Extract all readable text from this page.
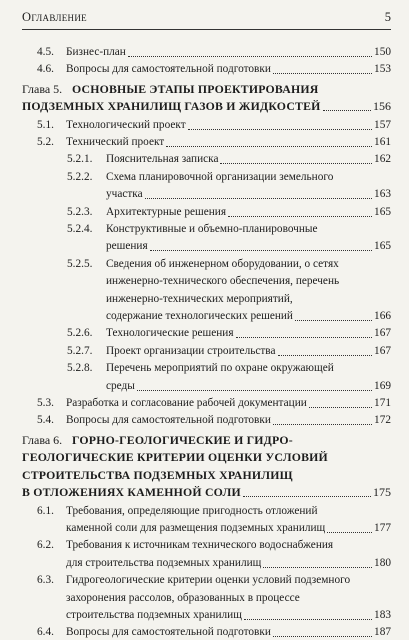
Оглавление	5
4.5. Бизнес-план	150
4.6. Вопросы для самостоятельной подготовки	153
Глава 5. ОСНОВНЫЕ ЭТАПЫ ПРОЕКТИРОВАНИЯ
ПОДЗЕМНЫХ ХРАНИЛИЩ ГАЗОВ И ЖИДКОСТЕЙ	156
5.1. Технологический проект	157
5.2. Технический проект	161
5.2.1. Пояснительная записка	162
5.2.2. Схема планировочной организации земельного
участка	163
5.2.3. Архитектурные решения	165
5.2.4. Конструктивные и объемно-планировочные
решения	165
5.2.5. Сведения об инженерном оборудовании, о сетях
инженерно-технического обеспечения, перечень
инженерно-технических мероприятий,
содержание технологических решений	166
5.2.6. Технологические решения	167
5.2.7. Проект организации строительства	167
5.2.8. Перечень мероприятий по охране окружающей
среды	169
5.3. Разработка и согласование рабочей документации	171
5.4. Вопросы для самостоятельной подготовки	172
Глава 6. ГОРНО-ГЕОЛОГИЧЕСКИЕ И ГИДРО-
ГЕОЛОГИЧЕСКИЕ КРИТЕРИИ ОЦЕНКИ УСЛОВИЙ
СТРОИТЕЛЬСТВА ПОДЗЕМНЫХ ХРАНИЛИЩ
В ОТЛОЖЕНИЯХ КАМЕННОЙ СОЛИ	175
6.1. Требования, определяющие пригодность отложений
каменной соли для размещения подземных хранилищ	177
6.2. Требования к источникам технического водоснабжения
для строительства подземных хранилищ	180
6.3. Гидрогеологические критерии оценки условий подземного
захоронения рассолов, образованных в процессе
строительства подземных хранилищ	183
6.4. Вопросы для самостоятельной подготовки	187
